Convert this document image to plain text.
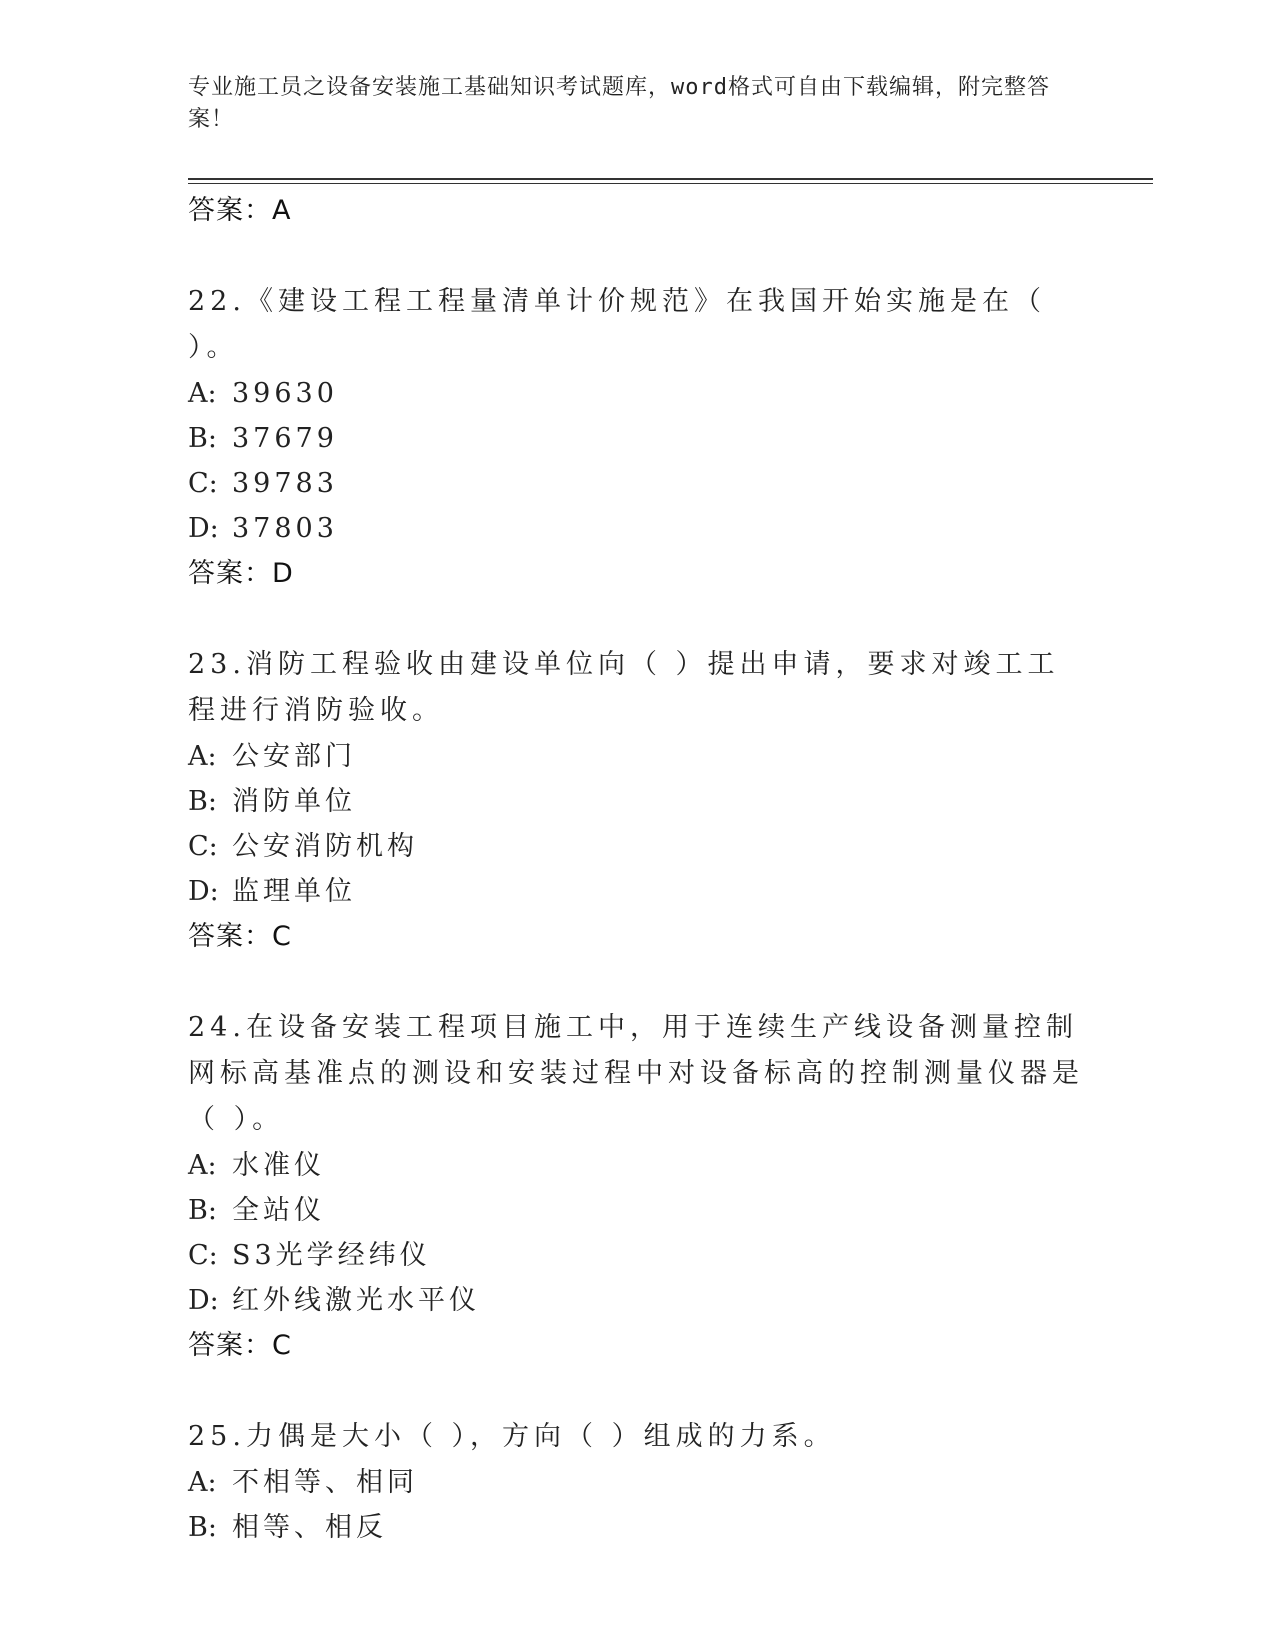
专业施工员之设备安装施工基础知识考试题库，word格式可自由下载编辑，附完整答案！
答案：A
22.《建设工程工程量清单计价规范》在我国开始实施是在（ ）。
A: 39630
B: 37679
C: 39783
D: 37803
答案：D
23.消防工程验收由建设单位向（ ）提出申请，要求对竣工工程进行消防验收。
A: 公安部门
B: 消防单位
C: 公安消防机构
D: 监理单位
答案：C
24.在设备安装工程项目施工中，用于连续生产线设备测量控制网标高基准点的测设和安装过程中对设备标高的控制测量仪器是（ ）。
A: 水准仪
B: 全站仪
C: S3光学经纬仪
D: 红外线激光水平仪
答案：C
25.力偶是大小（ ），方向（ ）组成的力系。
A: 不相等、相同
B: 相等、相反
